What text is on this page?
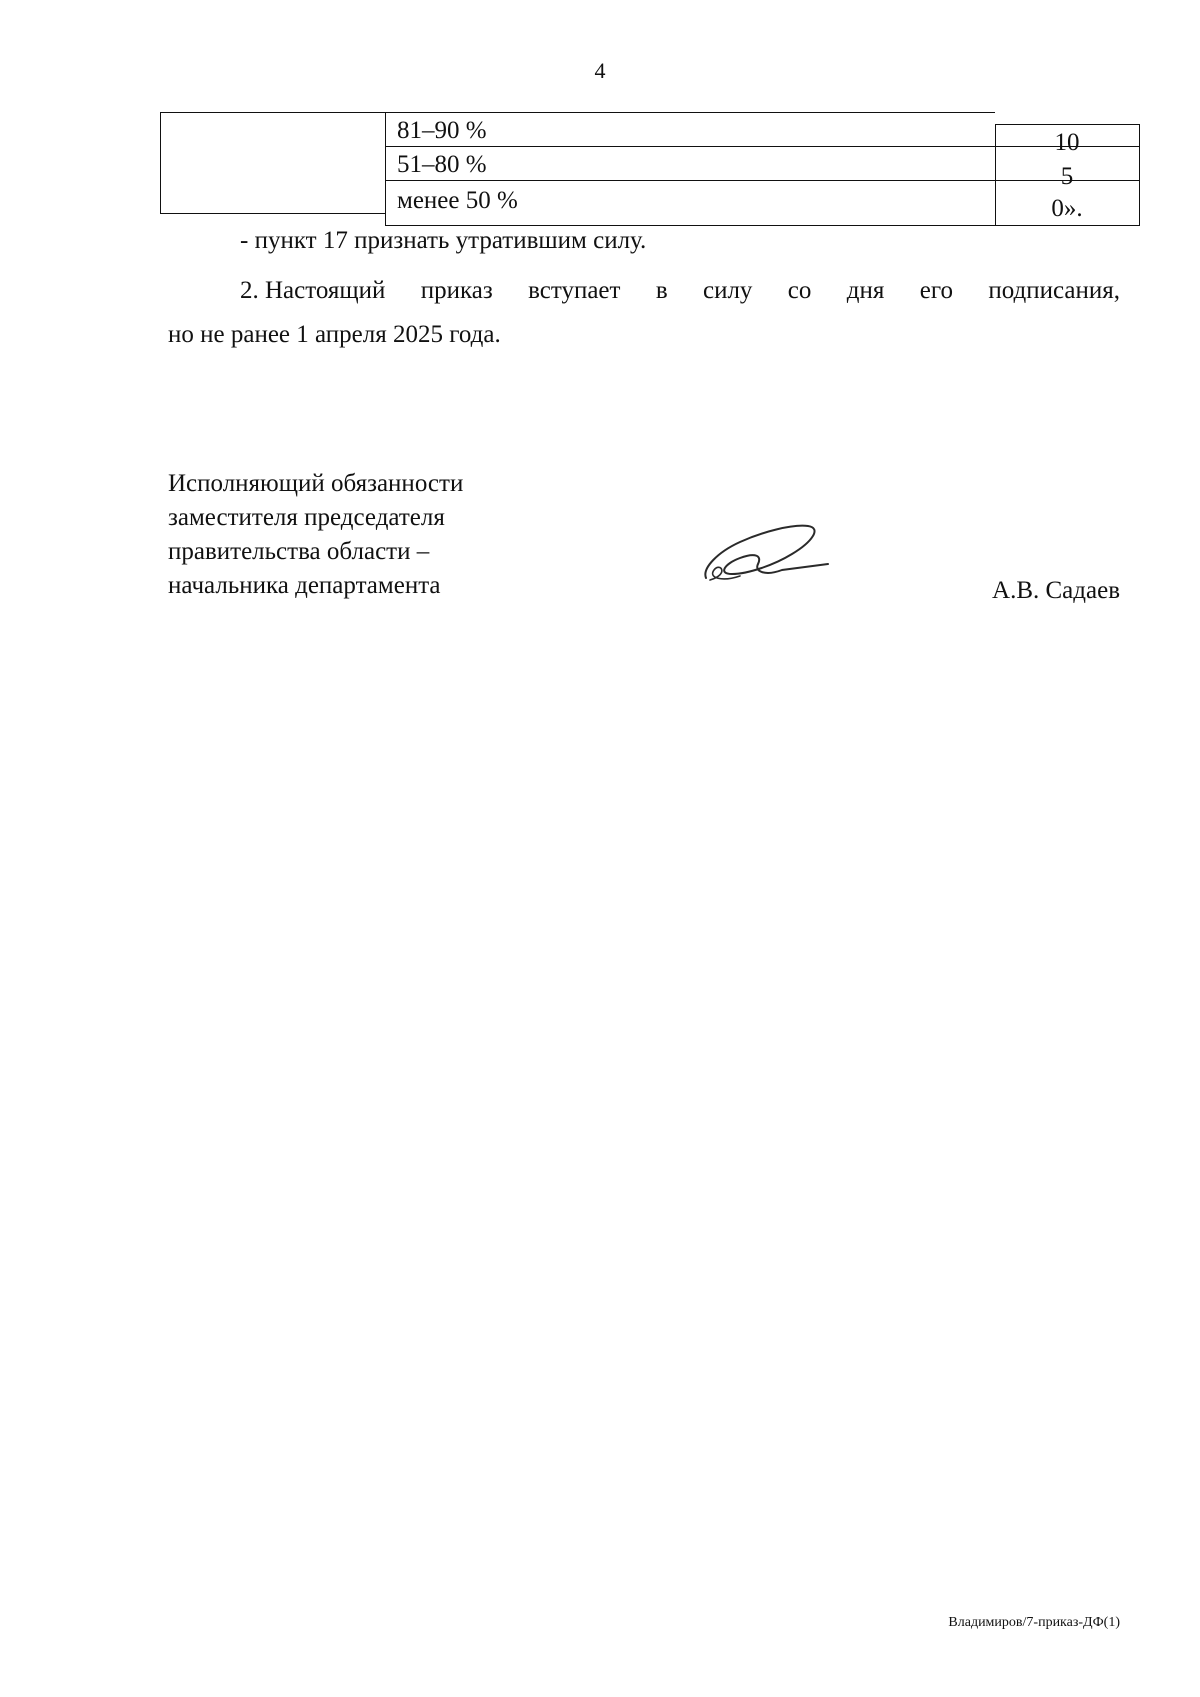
4
81–90 %	10
51–80 %	5
менее 50 %	0».
- пункт 17 признать утратившим силу.
2. Настоящий приказ вступает в силу со дня его подписания,
но не ранее 1 апреля 2025 года.
Исполняющий обязанности
заместителя председателя
правительства области –
начальника департамента	А.В. Садаев
Владимиров/7-приказ-ДФ(1)
